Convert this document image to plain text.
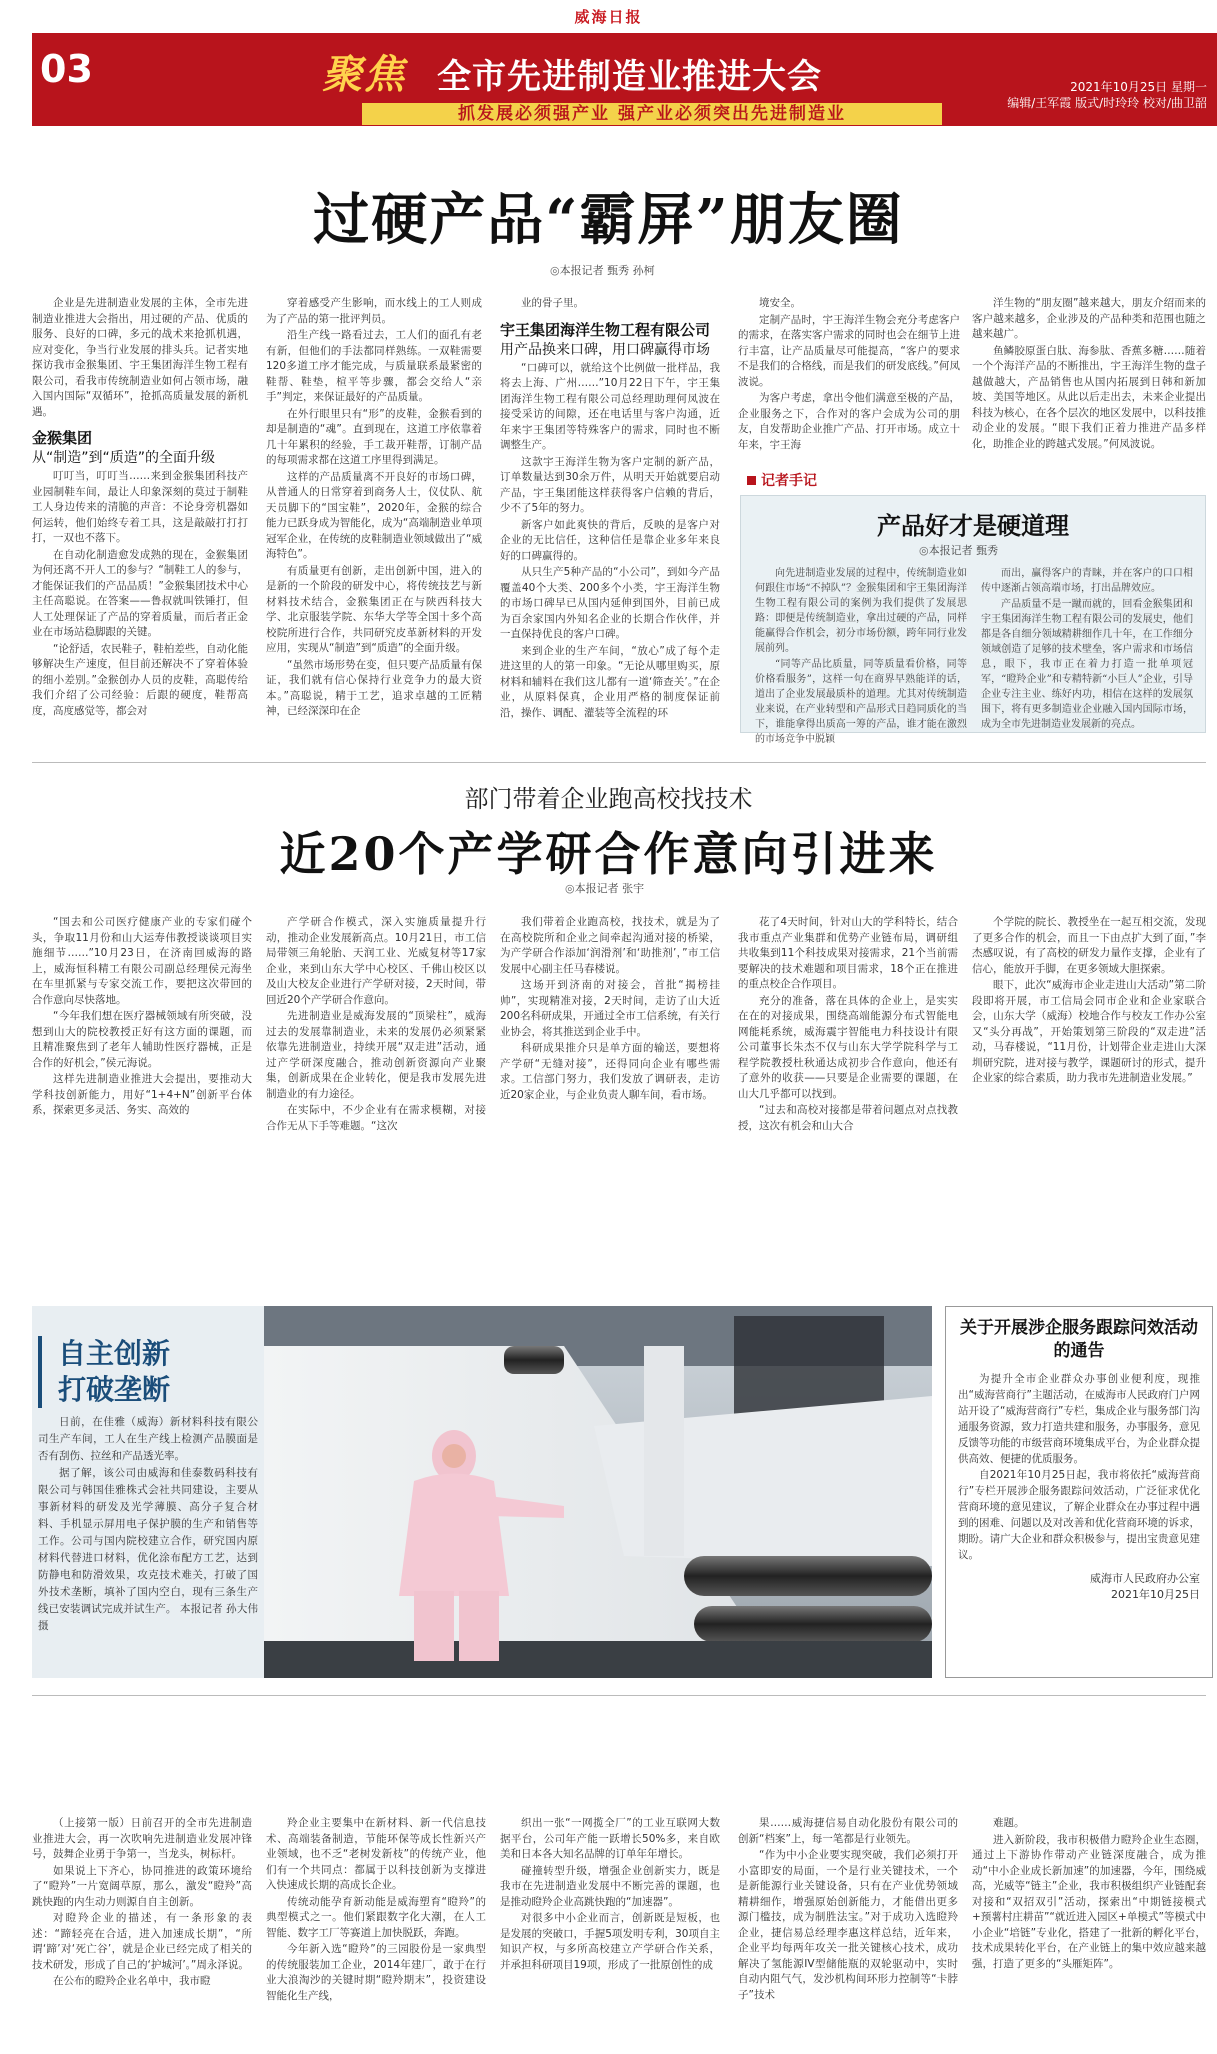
威海日报
03	聚焦 全市先进制造业推进大会
抓发展必须强产业 强产业必须突出先进制造业
2021年10月25日 星期一
编辑/王军霞 版式/时玲玲 校对/曲卫韶
过硬产品“霸屏”朋友圈
◎ 本报记者 甄秀 孙柯

企业是先进制造业发展的主体，全市先进制造业推进大会指出，用过硬的产品、优质的服务、良好的口碑，多元的战术来抢抓机遇，应对变化，争当行业发展的排头兵。记者实地探访我市金猴集团、宇王集团海洋生物工程有限公司，看我市传统制造业如何占领市场，融入国内国际“双循环”，抢抓高质量发展的新机遇。

金猴集团

从“制造”到“质造”的全面升级

叮叮当，叮叮当……来到金猴集团科技产业园制鞋车间，最让人印象深刻的莫过于制鞋工人身边传来的清脆的声音：不论身旁机器如何运转，他们始终专着工具，这是敲敲打打打打，一双也不落下。

在自动化制造愈发成熟的现在，金猴集团为何还离不开人工的参与？“制鞋工人的参与，才能保证我们的产品品质！”金猴集团技术中心主任高聪说。在答案——鲁叔就叫铁锤打，但人工处理保证了产品的穿着质量，而后者正金业在市场站稳脚跟的关键。

“论舒适，农民鞋子，鞋柏差些，自动化能够解决生产速度，但目前还解决不了穿着体验的细小差别。”金猴创办人员的皮鞋，高聪传给我们介绍了公司经验：后跟的硬度，鞋帮高度，高度感觉等，都会对

穿着感受产生影响，而水线上的工人则成为了产品的第一批评判员。

沿生产线一路看过去，工人们的面孔有老有新，但他们的手法都同样熟练。一双鞋需要120多道工序才能完成，与质量联系最紧密的鞋帮、鞋垫，楦平等步骤，都会交给人“亲手”判定，来保证最好的产品质量。

在外行眼里只有“形”的皮鞋，金猴看到的却是制造的“魂”。直到现在，这道工序依靠着几十年累积的经验，手工裁开鞋帮，订制产品的每项需求都在这道工序里得到满足。

这样的产品质量离不开良好的市场口碑，从普通人的日常穿着到商务人士，仪仗队、航天员脚下的“国宝鞋”，2020年，金猴的综合能力已跃身成为智能化，成为“高端制造业单项冠军企业，在传统的皮鞋制造业领域做出了“威海特色”。

有质量更有创新，走出创新中国，进入的是新的一个阶段的研发中心，将传统技艺与新材料技术结合，金猴集团正在与陕西科技大学、北京服装学院、东华大学等全国十多个高校院所进行合作，共同研究皮革新材料的开发应用，实现从“制造”到“质造”的全面升级。

“虽然市场形势在变，但只要产品质量有保证，我们就有信心保持行业竞争力的最大资本。”高聪说，精于工艺，追求卓越的工匠精神，已经深深印在企

业的骨子里。

宇王集团海洋生物工程有限公司

用产品换来口碑，用口碑赢得市场

“口碑可以，就给这个比例做一批样品，我将去上海、广州……”10月22日下午，宇王集团海洋生物工程有限公司总经理助理何凤波在接受采访的间隙，还在电话里与客户沟通，近年来宇王集团等特殊客户的需求，同时也不断调整生产。

这款宇王海洋生物为客户定制的新产品，订单数量达到30余万件，从明天开始就要启动产品，宇王集团能这样获得客户信赖的背后，少不了5年的努力。

新客户如此爽快的背后，反映的是客户对企业的无比信任，这种信任是靠企业多年来良好的口碑赢得的。

从只生产5种产品的“小公司”，到如今产品覆盖40个大类、200多个小类，宇王海洋生物的市场口碑早已从国内延伸到国外，目前已成为百余家国内外知名企业的长期合作伙伴，并一直保持优良的客户口碑。

来到企业的生产车间，“放心”成了每个走进这里的人的第一印象。“无论从哪里购买，原材料和辅料在我们这儿都有一道‘筛查关’。”在企业，从原料保真，企业用严格的制度保证前沿，操作、调配、灌装等全流程的环

境安全。

定制产品时，宇王海洋生物会充分考虑客户的需求，在落实客户需求的同时也会在细节上进行丰富，让产品质量尽可能提高，“客户的要求不是我们的合格线，而是我们的研发底线。”何凤波说。

为客户考虑，拿出令他们满意至极的产品，企业服务之下，合作对的客户会成为公司的朋友，自发帮助企业推广产品、打开市场。成立十年来，宇王海

洋生物的“朋友圈”越来越大，朋友介绍而来的客户越来越多，企业涉及的产品种类和范围也随之越来越广。

鱼鳞胶原蛋白肽、海参肽、香蕉多糖……随着一个个海洋产品的不断推出，宇王海洋生物的盘子越做越大，产品销售也从国内拓展到日韩和新加坡、美国等地区。从此以后走出去，未来企业提出科技为核心，在各个层次的地区发展中，以科技推动企业的发展。“眼下我们正着力推进产品多样化，助推企业的跨越式发展。”何凤波说。

记者手记
产品好才是硬道理
◎ 本报记者 甄秀

向先进制造业发展的过程中，传统制造业如何跟住市场“不掉队”？金猴集团和宇王集团海洋生物工程有限公司的案例为我们提供了发展思路：即便是传统制造业，拿出过硬的产品，同样能赢得合作机会，初分市场份额，跨年同行业发展前列。

“同等产品比质量，同等质量看价格，同等价格看服务”，这样一句在商界早熟能详的话，道出了企业发展最质朴的道理。尤其对传统制造业来说，在产业转型和产品形式日趋同质化的当下，谁能拿得出质高一筹的产品，谁才能在激烈的市场竞争中脱颖

而出，赢得客户的青睐，并在客户的口口相传中逐渐占领高端市场，打出品牌效应。

产品质量不是一蹴而就的，回看金猴集团和宇王集团海洋生物工程有限公司的发展史，他们都是各自细分领域精耕细作几十年，在工作细分领域创造了足够的技术壁垒，客户需求和市场信息，眼下，我市正在着力打造一批单项冠军，“瞪羚企业”和专精特新“小巨人”企业，引导企业专注主业、练好内功，相信在这样的发展氛围下，将有更多制造业企业融入国内国际市场，成为全市先进制造业发展新的亮点。

部门带着企业跑高校找技术
近20个产学研合作意向引进来
◎ 本报记者 张宇

“国去和公司医疗健康产业的专家们碰个头，争取11月份和山大运寿伟教授谈谈项目实施细节……”10月23日，在济南回威海的路上，威海恒科精工有限公司副总经理侯元海坐在车里抓紧与专家交流工作，要把这次带回的合作意向尽快落地。

“今年我们想在医疗器械领域有所突破，没想到山大的院校教授正好有这方面的课题，而且精准聚焦到了老年人辅助性医疗器械，正是合作的好机会，”侯元海说。

这样先进制造业推进大会提出，要推动大学科技创新能力，用好“1+4+N”创新平台体系，探索更多灵活、务实、高效的

产学研合作模式，深入实施质量提升行动，推动企业发展新高点。10月21日，市工信局带领三角轮胎、天润工业、光威复材等17家企业，来到山东大学中心校区、千佛山校区以及山大校友企业进行产学研对接，2天时间，带回近20个产学研合作意向。

先进制造业是威海发展的“顶梁柱”，威海过去的发展靠制造业，未来的发展仍必须紧紧依靠先进制造业，持续开展“双走进”活动，通过产学研深度融合，推动创新资源向产业聚集，创新成果在企业转化，便是我市发展先进制造业的有力途径。

在实际中，不少企业有在需求模糊，对接合作无从下手等难题。“这次

我们带着企业跑高校，找技术，就是为了在高校院所和企业之间牵起沟通对接的桥梁，为产学研合作添加‘润滑剂’和‘助推剂’，”市工信发展中心副主任马春楼说。

这场开到济南的对接会，首批“揭榜挂帅”，实现精准对接，2天时间，走访了山大近200名科研成果，开通过全市工信系统，有关行业协会，将其推送到企业手中。

科研成果推介只是单方面的输送，要想将产学研“无缝对接”，还得同向企业有哪些需求。工信部门努力，我们发放了调研表，走访近20家企业，与企业负责人聊车间，看市场。

花了4天时间，针对山大的学科特长，结合我市重点产业集群和优势产业链布局，调研组共收集到11个科技成果对接需求，21个当前需要解决的技术难题和项目需求，18个正在推进的重点校企合作项目。

充分的准备，落在具体的企业上，是实实在在的对接成果，围绕高端能源分布式智能电网能耗系统，威海震宇智能电力科技设计有限公司董事长朱杰不仅与山东大学学院科学与工程学院教授杜秋通达成初步合作意向，他还有了意外的收获——只要是企业需要的课题，在山大几乎都可以找到。

“过去和高校对接都是带着问题点对点找教授，这次有机会和山大合

个学院的院长、教授坐在一起互相交流，发现了更多合作的机会，而且一下由点扩大到了面，”李杰感叹说，有了高校的研发力量作支撑，企业有了信心，能放开手脚，在更多领域大胆探索。

眼下，此次“威海市企业走进山大活动”第二阶段即将开展，市工信局会同市企业和企业家联合会，山东大学（威海）校地合作与校友工作办公室又“头分再战”，开始策划第三阶段的“双走进”活动，马春楼说，“11月份，计划带企业走进山大深圳研究院，进对接与教学，课题研讨的形式，提升企业家的综合素质，助力我市先进制造业发展。”

自主创新
打破垄断

日前，在佳雅（威海）新材料科技有限公司生产车间，工人在生产线上检测产品膜面是否有刮伤、拉丝和产品透光率。

据了解，该公司由威海和佳泰数码科技有限公司与韩国佳雅株式会社共同建设，主要从事新材料的研发及光学薄膜、高分子复合材料、手机显示屏用电子保护膜的生产和销售等工作。公司与国内院校建立合作，研究国内原材料代替进口材料，优化涂布配方工艺，达到防静电和防滑效果，攻克技术难关，打破了国外技术垄断，填补了国内空白，现有三条生产线已安装调试完成并试生产。 本报记者 孙大伟 摄

关于开展涉企服务跟踪问效活动的通告

为提升全市企业群众办事创业便利度，现推出“威海营商行”主题活动，在威海市人民政府门户网站开设了“威海营商行”专栏，集成企业与服务部门沟通服务资源，致力打造共建和服务，办事服务，意见反馈等功能的市级营商环境集成平台，为企业群众提供高效、便捷的优质服务。

自2021年10月25日起，我市将依托“威海营商行”专栏开展涉企服务跟踪问效活动，广泛征求优化营商环境的意见建议，了解企业群众在办事过程中遇到的困难、问题以及对改善和优化营商环境的诉求，期盼。请广大企业和群众积极参与，提出宝贵意见建议。

威海市人民政府办公室
2021年10月25日

（上接第一版）日前召开的全市先进制造业推进大会，再一次吹响先进制造业发展冲锋号，鼓舞企业勇于争第一，当龙头，树标杆。

如果说上下齐心，协同推进的政策环境给了“瞪羚”一片宽阔草原，那么，激发“瞪羚”高跳快跑的内生动力则源自自主创新。

对瞪羚企业的描述，有一条形象的表述：“蹄轻亮在合适，进入加速成长期”，“所谓‘蹄’对‘死亡谷’，就是企业已经完成了相关的技术研发，形成了自己的‘护城河’。”周永泽说。

在公布的瞪羚企业名单中，我市瞪

羚企业主要集中在新材料、新一代信息技术、高端装备制造，节能环保等成长性新兴产业领域，也不乏“老树发新枝”的传统产业，他们有一个共同点：都属于以科技创新为支撑进入快速成长期的高成长企业。

传统动能孕育新动能是威海塑育“瞪羚”的典型模式之一。他们紧跟数字化大潮，在人工智能、数字工厂等赛道上加快脱跃，奔跑。

今年新入选“瞪羚”的三园股份是一家典型的传统服装加工企业，2014年建厂，敢于在行业大浪淘沙的关键时期“瞪羚期末”，投资建设智能化生产线，

织出一张“一网揽全厂”的工业互联网大数据平台，公司年产能一跃增长50%多，来自欧美和日本各大知名品牌的订单年年增长。

碰撞转型升级，增强企业创新实力，既是我市在先进制造业发展中不断完善的课题，也是推动瞪羚企业高跳快跑的“加速器”。

对很多中小企业而言，创新既是短板，也是发展的突破口，手握5项发明专利，30项自主知识产权，与多所高校建立产学研合作关系，并承担科研项目19项，形成了一批原创性的成

果……威海捷信易自动化股份有限公司的创新“档案”上，每一笔都是行业领先。

“作为中小企业要实现突破，我们必须打开小富即安的局面，一个是行业关键技术，一个是新能源行业关键设备，只有在产业优势领域精耕细作，增强原始创新能力，才能借出更多源门槛技，成为制胜法宝。”对于成功入选瞪羚企业，捷信易总经理李惠这样总结，近年来，企业平均每两年攻关一批关键核心技术，成功解决了氢能源IV型储能瓶的双轮驱动中，实时自动内阻气气，发沙机构间环形力控制等“卡脖子”技术

难题。

进入新阶段，我市积极借力瞪羚企业生态圈，通过上下游协作带动产业链深度融合，成为推动“中小企业成长新加速”的加速器，今年，围绕威高，光威等“链主”企业，我市积极组织产业链配套对接和“双招双引”活动，探索出“中期链接模式+预薯村庄耕苗”“就近进入园区+单模式”等模式中小企业“培链”专业化，搭建了一批新的孵化平台，技术成果转化平台，在产业链上的集中效应越来越强，打造了更多的“头雁矩阵”。
